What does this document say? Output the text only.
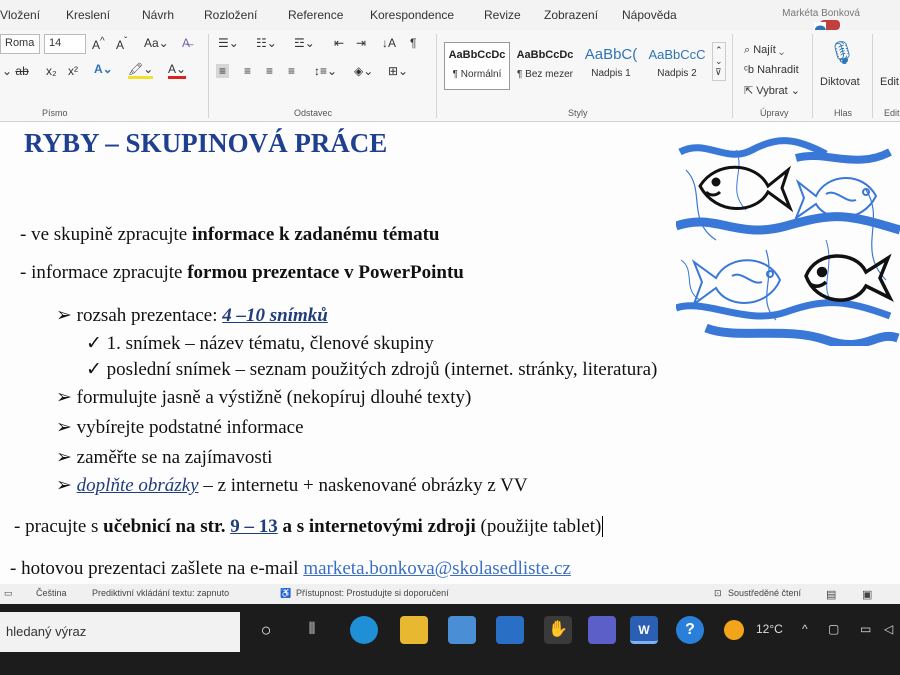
Vložení Kreslení	Návrh Rozložení	Reference Korespondence Revize Zobrazení Nápověda	Markéta Bonková
Roma	14	A^ $A^ˇ$ Aa⌄ A̶
⌄ ab x₂ x² A⌄ 🖍⌄ A⌄
Písmo
☰⌄ ☷⌄ ☲⌄ ⇤ ⇥ ↓A ¶
≡ ≡ ≡ ≡ ↕≡⌄ ◈⌄ ⊞⌄
Odstavec
AaBbCcDc
¶ Normální
AaBbCcDc
¶ Bez mezer
AaBbC(
Nadpis 1
AaBbCcC
Nadpis 2
⌃
⌄
⊽
Styly
⌕ Najít ⌄
ᶜb Nahradit
⇱ Vybrat ⌄
Úpravy
🎙
Diktovat
Hlas
Edit
Edit
RYBY – SKUPINOVÁ PRÁCE
- ve skupině zpracujte informace k zadanému tématu
- informace zpracujte formou prezentace v PowerPointu
➢ rozsah prezentace: 4 –10 snímků
✓ 1. snímek – název tématu, členové skupiny
✓ poslední snímek – seznam použitých zdrojů (internet. stránky, literatura)
➢ formulujte jasně a výstižně (nekopíruj dlouhé texty)
➢ vybírejte podstatné informace
➢ zaměřte se na zajímavosti
➢ doplňte obrázky – z internetu + naskenované obrázky z VV
- pracujte s učebnicí na str. 9 – 13 a s internetovými zdroji (použijte tablet)
- hotovou prezentaci zašlete na e-mail marketa.bonkova@skolasedliste.cz
▭	Čeština	Prediktivní vkládání textu: zapnuto	♿ Přístupnost: Prostudujte si doporučení	⊡ Soustředěné čtení ▤ ▣
hledaný výraz	○	⫴	✋	W	?	12°C ^ ▢ ▭ ◁
